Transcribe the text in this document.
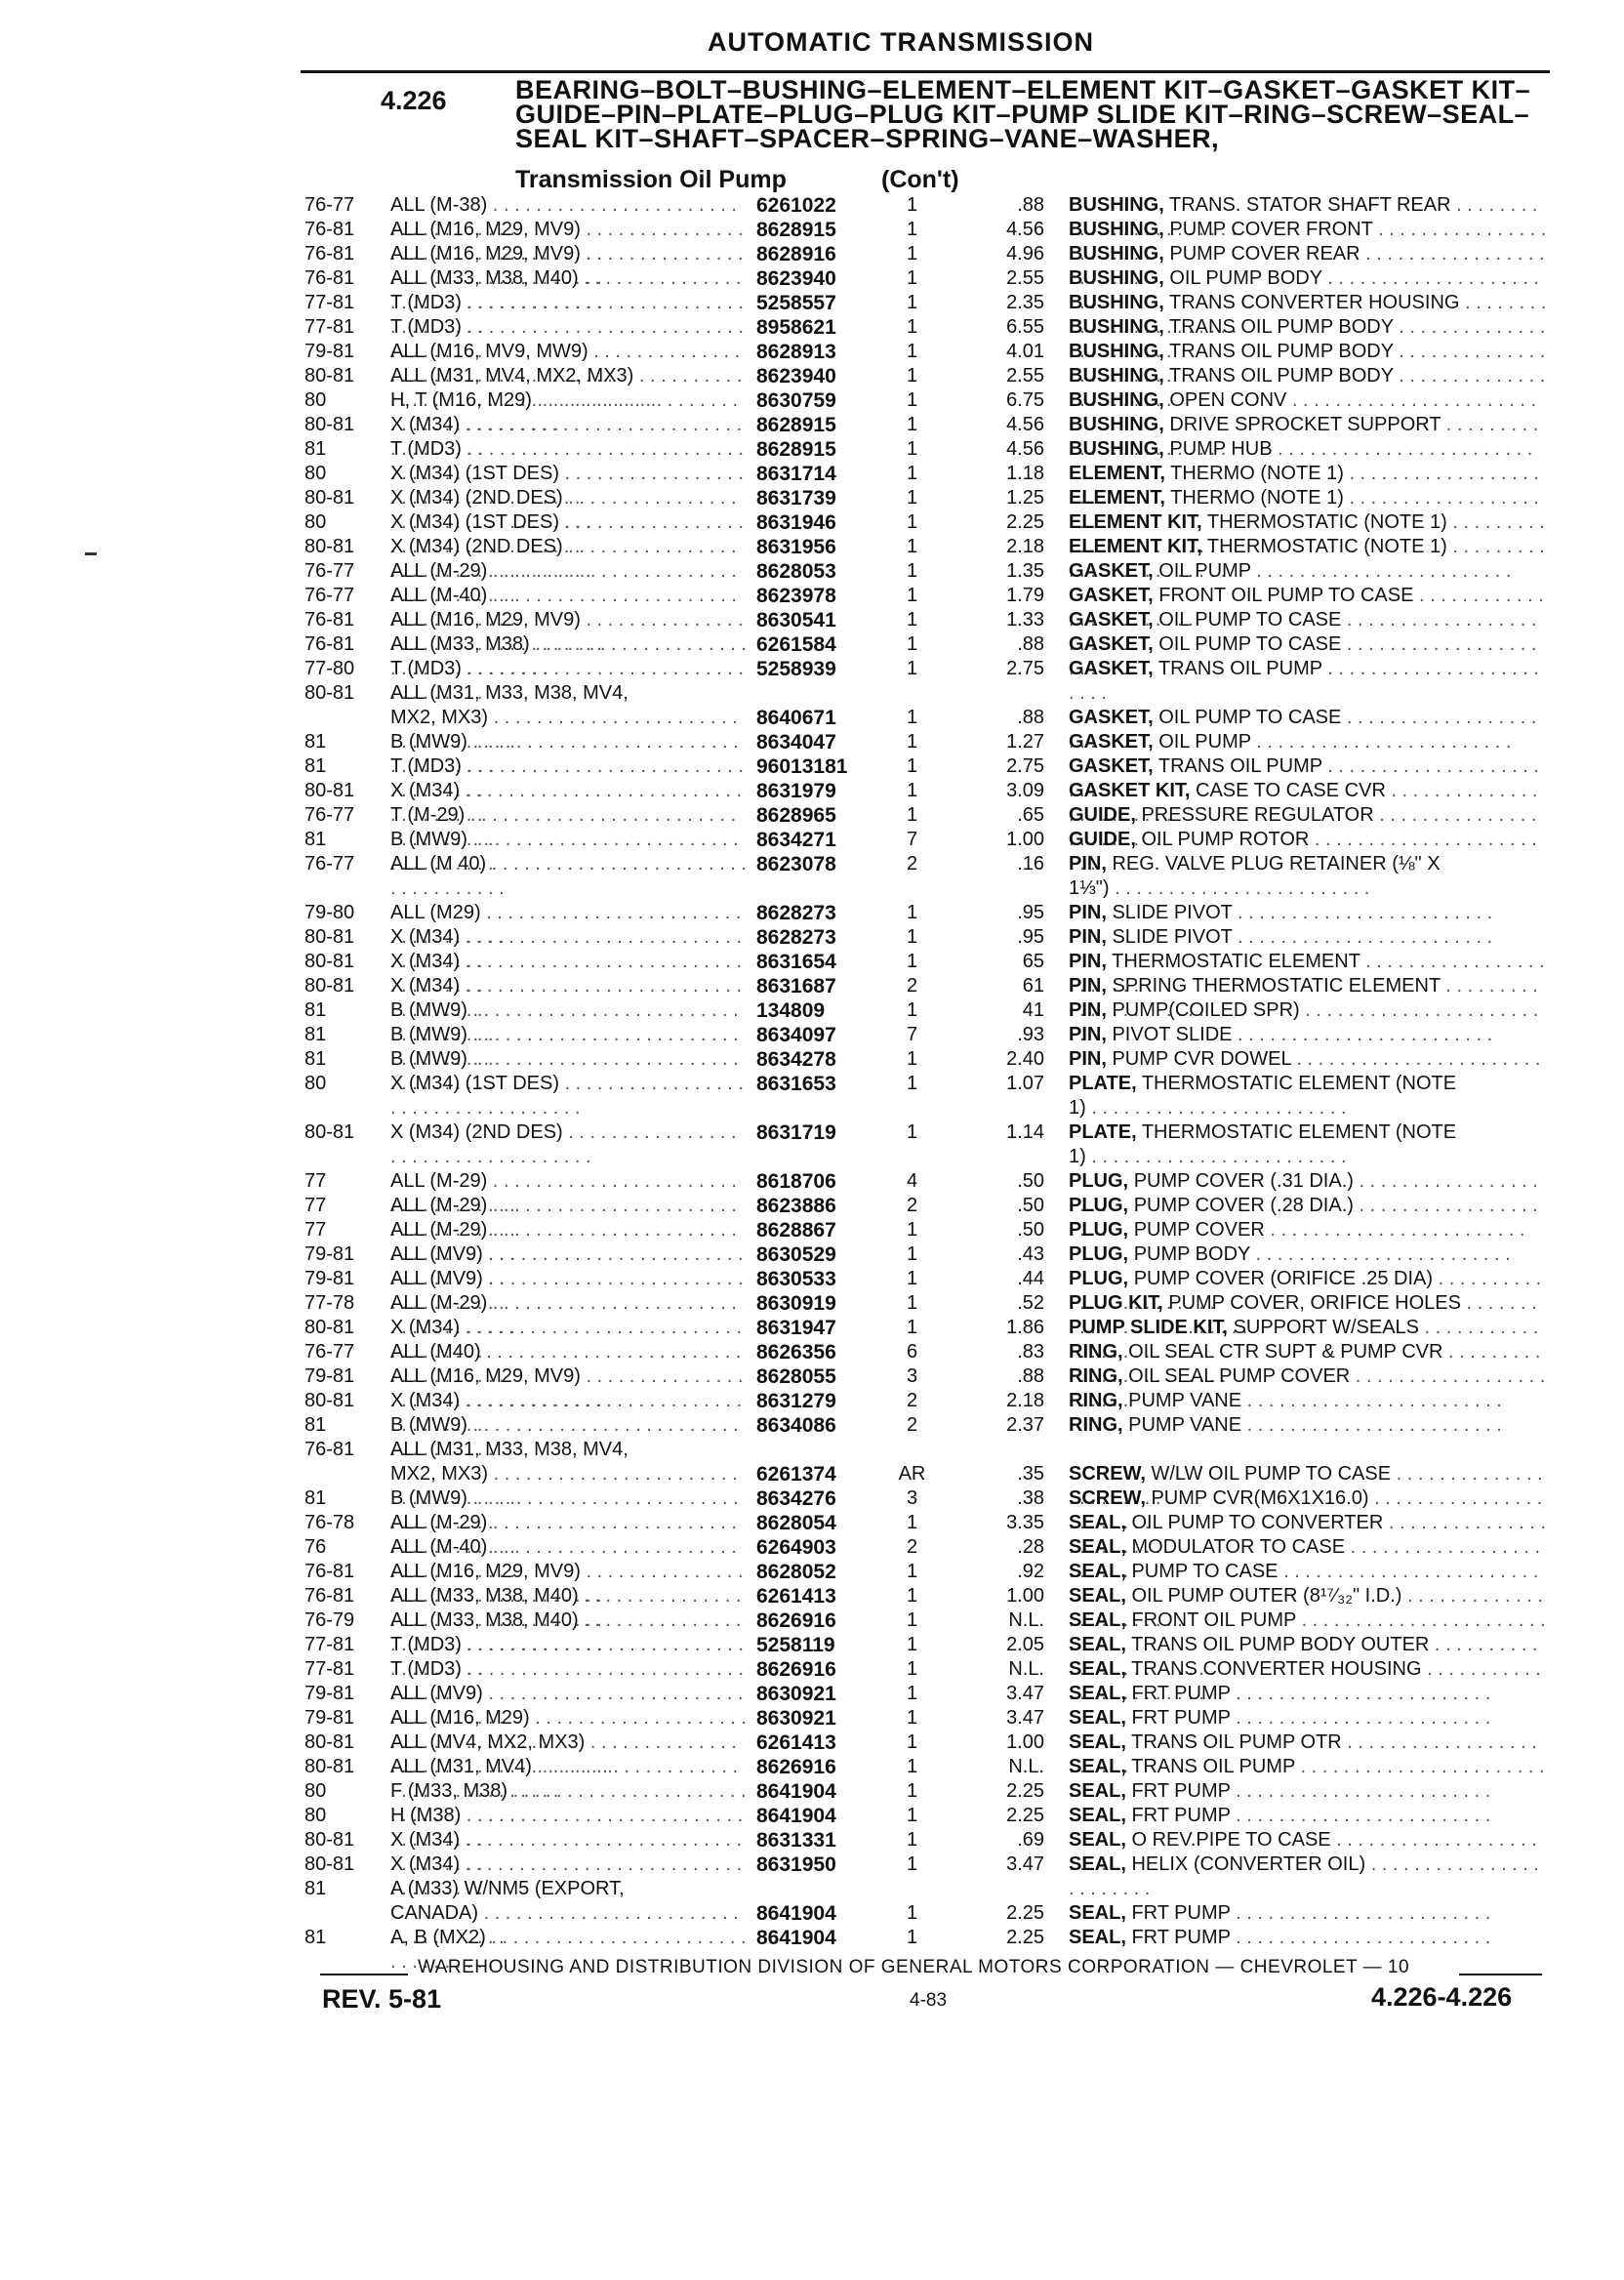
AUTOMATIC TRANSMISSION
4.226	BEARING–BOLT–BUSHING–ELEMENT–ELEMENT KIT–GASKET–GASKET KIT–GUIDE–PIN–PLATE–PLUG–PLUG KIT–PUMP SLIDE KIT–RING–SCREW–SEAL–SEAL KIT–SHAFT–SPACER–SPRING–VANE–WASHER,
Transmission Oil Pump	(Con't)
76-77	ALL (M-38) . . .	6261022	1	.88 BUSHING, TRANS. STATOR SHAFT REAR . . .
76-81	ALL (M16, M29, MV9) . . .	8628915	1	4.56 BUSHING, PUMP COVER FRONT . . .
76-81	ALL (M16, M29, MV9) . . .	8628916	1	4.96 BUSHING, PUMP COVER REAR . . .
76-81	ALL (M33, M38, M40) . . .	8623940	1	2.55 BUSHING, OIL PUMP BODY . . .
77-81	T (MD3) . . .	5258557	1	2.35 BUSHING, TRANS CONVERTER HOUSING . . .
77-81	T (MD3) . . .	8958621	1	6.55 BUSHING, TRANS OIL PUMP BODY . . .
79-81	ALL (M16, MV9, MW9) . . .	8628913	1	4.01 BUSHING, TRANS OIL PUMP BODY . . .
80-81	ALL (M31, MV4, MX2, MX3) . . .	8623940	1	2.55 BUSHING, TRANS OIL PUMP BODY . . .
80	H, T (M16, M29) . . .	8630759	1	6.75 BUSHING, OPEN CONV . . .
80-81	X (M34) . . .	8628915	1	4.56 BUSHING, DRIVE SPROCKET SUPPORT . . .
81	T (MD3) . . .	8628915	1	4.56 BUSHING, PUMP HUB . . .
80	X (M34) (1ST DES) . . .	8631714	1	1.18 ELEMENT, THERMO (NOTE 1) . . .
80-81	X (M34) (2ND DES) . . .	8631739	1	1.25 ELEMENT, THERMO (NOTE 1) . . .
80	X (M34) (1ST DES) . . .	8631946	1	2.25 ELEMENT KIT, THERMOSTATIC (NOTE 1) . . .
80-81	X (M34) (2ND DES) . . .	8631956	1	2.18 ELEMENT KIT, THERMOSTATIC (NOTE 1) . . .
76-77	ALL (M-29) . . .	8628053	1	1.35 GASKET, OIL PUMP . . .
76-77	ALL (M-40) . . .	8623978	1	1.79 GASKET, FRONT OIL PUMP TO CASE . . .
76-81	ALL (M16, M29, MV9) . . .	8630541	1	1.33 GASKET, OIL PUMP TO CASE . . .
76-81	ALL (M33, M38) . . .	6261584	1	.88 GASKET, OIL PUMP TO CASE . . .
77-80	T (MD3) . . .	5258939	1	2.75 GASKET, TRANS OIL PUMP . . .
80-81	ALL (M31, M33, M38, MV4,
MX2, MX3) . . .	8640671	1	.88 GASKET, OIL PUMP TO CASE . . .
81	B (MW9) . . .	8634047	1	1.27 GASKET, OIL PUMP . . .
81	T (MD3) . . .	96013181	1	2.75 GASKET, TRANS OIL PUMP . . .
80-81	X (M34) . . .	8631979	1	3.09 GASKET KIT, CASE TO CASE CVR . . .
76-77	T (M-29) . . .	8628965	1	.65 GUIDE, PRESSURE REGULATOR . . .
81	B (MW9) . . .	8634271	7	1.00 GUIDE, OIL PUMP ROTOR . . .
76-77	ALL (M 40) . . .	8623078	2	.16 PIN, REG. VALVE PLUG RETAINER (⅛" X
1⅓") . . .
79-80	ALL (M29) . . .	8628273	1	.95 PIN, SLIDE PIVOT . . .
80-81	X (M34) . . .	8628273	1	.95 PIN, SLIDE PIVOT . . .
80-81	X (M34) . . .	8631654	1	65 PIN, THERMOSTATIC ELEMENT . . .
80-81	X (M34) . . .	8631687	2	61 PIN, SPRING THERMOSTATIC ELEMENT . . .
81	B (MW9) . . .	134809	1	41 PIN, PUMP(COILED SPR) . . .
81	B (MW9) . . .	8634097	7	.93 PIN, PIVOT SLIDE . . .
81	B (MW9) . . .	8634278	1	2.40 PIN, PUMP CVR DOWEL . . .
80	X (M34) (1ST DES) . . .	8631653	1	1.07 PLATE, THERMOSTATIC ELEMENT (NOTE
1) . . .
80-81	X (M34) (2ND DES) . . .	8631719	1	1.14 PLATE, THERMOSTATIC ELEMENT (NOTE
1) . . .
77	ALL (M-29) . . .	8618706	4	.50 PLUG, PUMP COVER (.31 DIA.) . . .
77	ALL (M-29) . . .	8623886	2	.50 PLUG, PUMP COVER (.28 DIA.) . . .
77	ALL (M-29) . . .	8628867	1	.50 PLUG, PUMP COVER . . .
79-81	ALL (MV9) . . .	8630529	1	.43 PLUG, PUMP BODY . . .
79-81	ALL (MV9) . . .	8630533	1	.44 PLUG, PUMP COVER (ORIFICE .25 DIA) . . .
77-78	ALL (M-29) . . .	8630919	1	.52 PLUG KIT, PUMP COVER, ORIFICE HOLES . . .
80-81	X (M34) . . .	8631947	1	1.86 PUMP SLIDE KIT, SUPPORT W/SEALS . . .
76-77	ALL (M40) . . .	8626356	6	.83 RING, OIL SEAL CTR SUPT & PUMP CVR . . .
79-81	ALL (M16, M29, MV9) . . .	8628055	3	.88 RING, OIL SEAL PUMP COVER . . .
80-81	X (M34) . . .	8631279	2	2.18 RING, PUMP VANE . . .
81	B (MW9) . . .	8634086	2	2.37 RING, PUMP VANE . . .
76-81	ALL (M31, M33, M38, MV4,
MX2, MX3) . . .	6261374	AR	.35 SCREW, W/LW OIL PUMP TO CASE . . .
81	B (MW9) . . .	8634276	3	.38 SCREW, PUMP CVR(M6X1X16.0) . . .
76-78	ALL (M-29) . . .	8628054	1	3.35 SEAL, OIL PUMP TO CONVERTER . . .
76	ALL (M-40) . . .	6264903	2	.28 SEAL, MODULATOR TO CASE . . .
76-81	ALL (M16, M29, MV9) . . .	8628052	1	.92 SEAL, PUMP TO CASE . . .
76-81	ALL (M33, M38, M40) . . .	6261413	1	1.00 SEAL, OIL PUMP OUTER (8¹⁷⁄₃₂" I.D.) . . .
76-79	ALL (M33, M38, M40) . . .	8626916	1	N.L. SEAL, FRONT OIL PUMP . . .
77-81	T (MD3) . . .	5258119	1	2.05 SEAL, TRANS OIL PUMP BODY OUTER . . .
77-81	T (MD3) . . .	8626916	1	N.L. SEAL, TRANS CONVERTER HOUSING . . .
79-81	ALL (MV9) . . .	8630921	1	3.47 SEAL, FRT PUMP . . .
79-81	ALL (M16, M29) . . .	8630921	1	3.47 SEAL, FRT PUMP . . .
80-81	ALL (MV4, MX2, MX3) . . .	6261413	1	1.00 SEAL, TRANS OIL PUMP OTR . . .
80-81	ALL (M31, MV4) . . .	8626916	1	N.L. SEAL, TRANS OIL PUMP . . .
80	F (M33, M38) . . .	8641904	1	2.25 SEAL, FRT PUMP . . .
80	H (M38) . . .	8641904	1	2.25 SEAL, FRT PUMP . . .
80-81	X (M34) . . .	8631331	1	.69 SEAL, O REV.PIPE TO CASE . . .
80-81	X (M34) . . .	8631950	1	3.47 SEAL, HELIX (CONVERTER OIL) . . .
81	A (M33) W/NM5 (EXPORT,
CANADA) . . .	8641904	1	2.25 SEAL, FRT PUMP . . .
81	A, B (MX2) . . .	8641904	1	2.25 SEAL, FRT PUMP . . .
WAREHOUSING AND DISTRIBUTION DIVISION OF GENERAL MOTORS CORPORATION — CHEVROLET — 10
REV. 5-81	4-83	4.226-4.226
